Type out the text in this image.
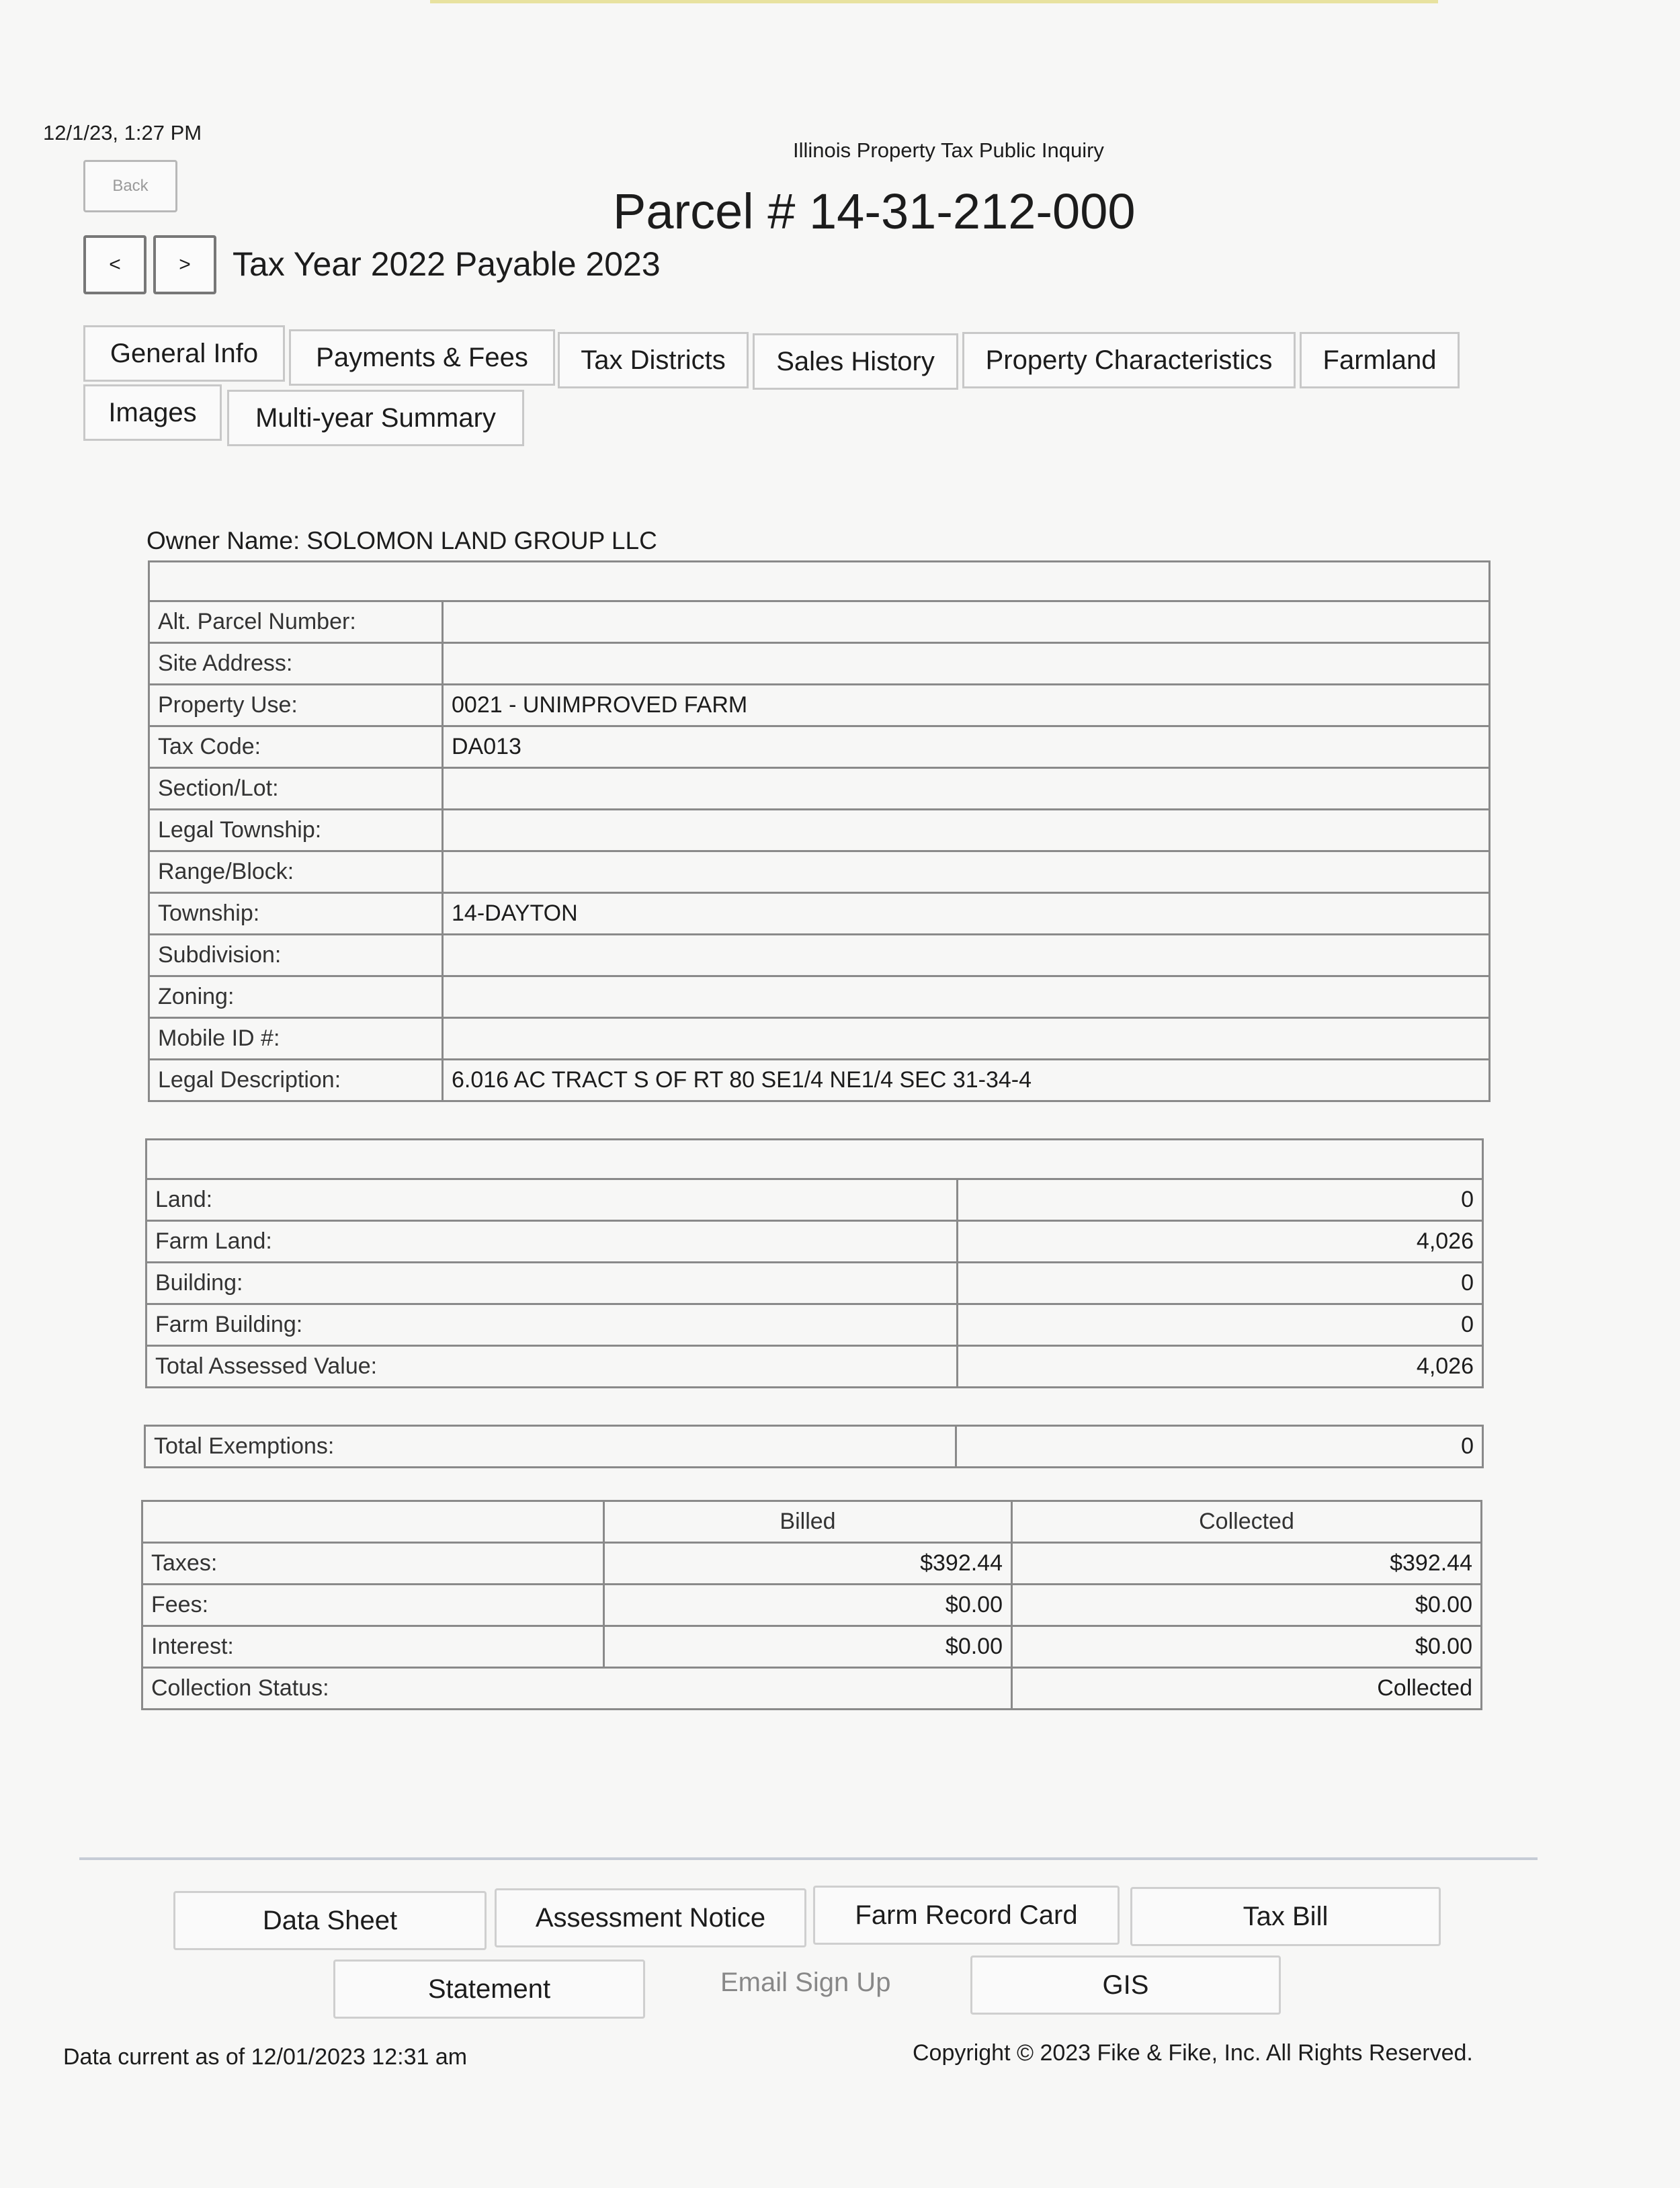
12/1/23, 1:27 PM
Illinois Property Tax Public Inquiry
Back	Parcel # 14-31-212-000
<	>	Tax Year 2022 Payable 2023
General Info	Payments & Fees	Tax Districts	Sales History	Property Characteristics	Farmland
Images	Multi-year Summary
Owner Name: SOLOMON LAND GROUP LLC

Alt. Parcel Number:	
Site Address:	
Property Use:	0021 - UNIMPROVED FARM
Tax Code:	DA013
Section/Lot:	
Legal Township:	
Range/Block:	
Township:	14-DAYTON
Subdivision:	
Zoning:	
Mobile ID #:	
Legal Description:	6.016 AC TRACT S OF RT 80 SE1/4 NE1/4 SEC 31-34-4

Land:	0
Farm Land:	4,026
Building:	0
Farm Building:	0
Total Assessed Value:	4,026
Total Exemptions:	0
	Billed	Collected
Taxes:	$392.44	$392.44
Fees:	$0.00	$0.00
Interest:	$0.00	$0.00
Collection Status:		Collected
Data Sheet	Assessment Notice	Farm Record Card	Tax Bill
Statement	Email Sign Up	GIS
Data current as of 12/01/2023 12:31 am	Copyright © 2023 Fike & Fike, Inc. All Rights Reserved.
